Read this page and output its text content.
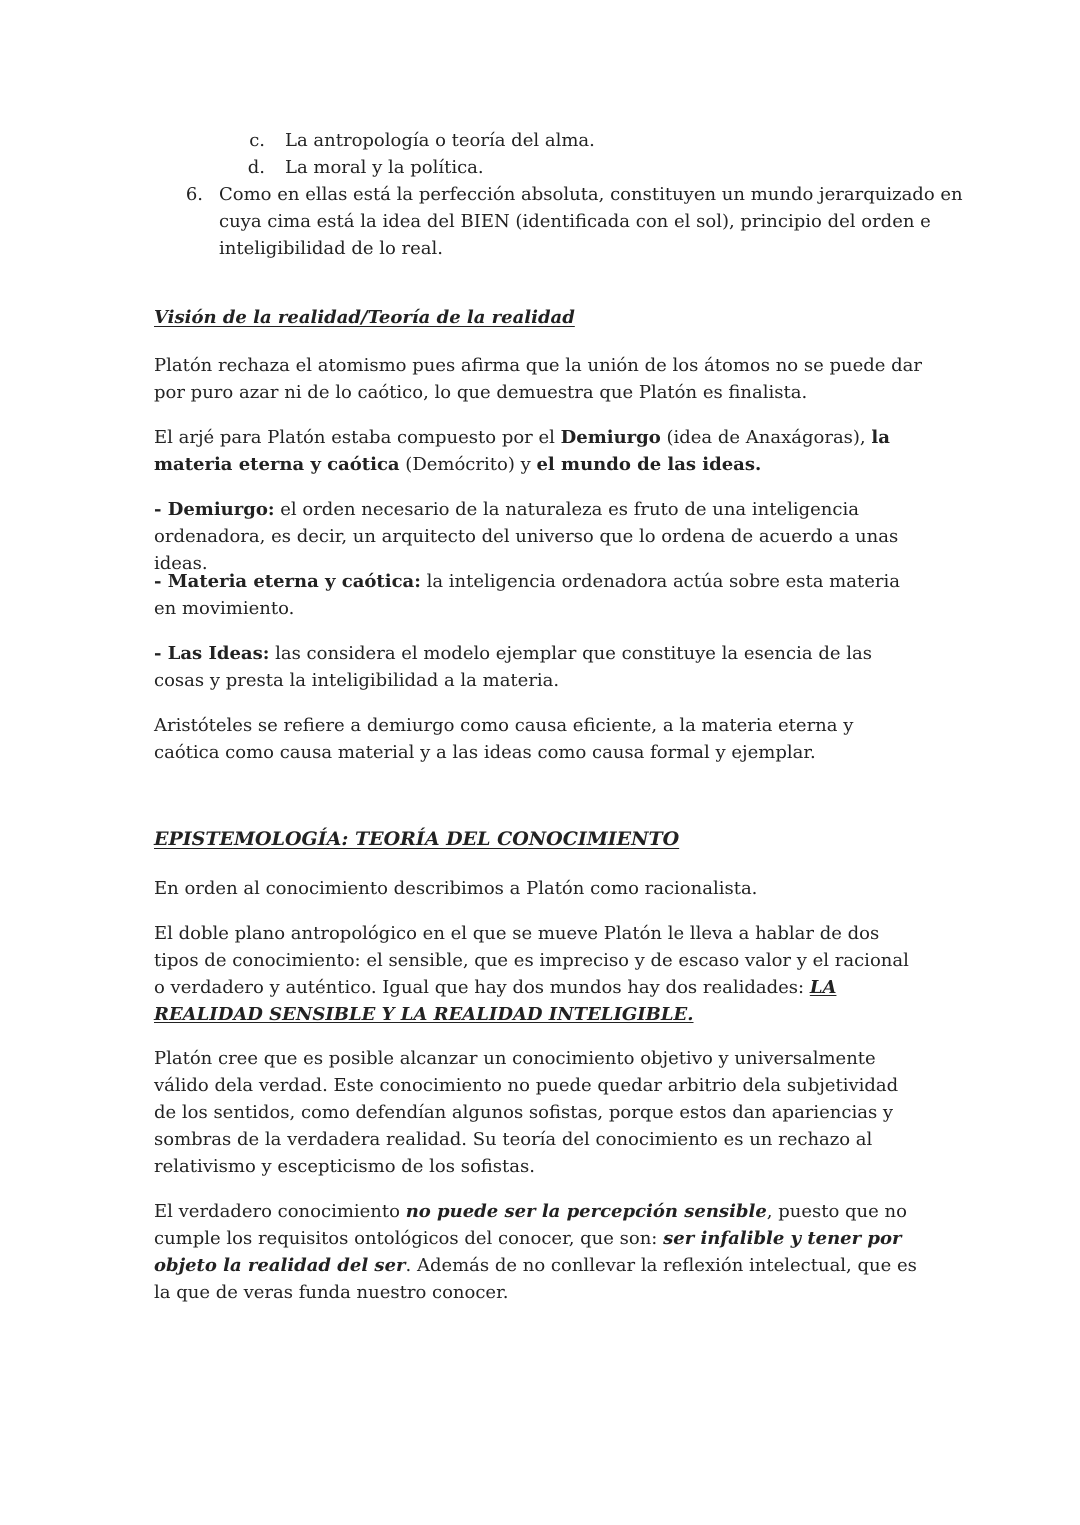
c. La antropología o teoría del alma.
d. La moral y la política.
6. Como en ellas está la perfección absoluta, constituyen un mundo jerarquizado en
cuya cima está la idea del BIEN (identificada con el sol), principio del orden e
inteligibilidad de lo real.
Visión de la realidad/Teoría de la realidad

Platón rechaza el atomismo pues afirma que la unión de los átomos no se puede dar por puro azar ni de lo caótico, lo que demuestra que Platón es finalista.

El arjé para Platón estaba compuesto por el Demiurgo (idea de Anaxágoras), la materia eterna y caótica (Demócrito) y el mundo de las ideas.

- Demiurgo: el orden necesario de la naturaleza es fruto de una inteligencia ordenadora, es decir, un arquitecto del universo que lo ordena de acuerdo a unas ideas.

- Materia eterna y caótica: la inteligencia ordenadora actúa sobre esta materia en movimiento.

- Las Ideas: las considera el modelo ejemplar que constituye la esencia de las cosas y presta la inteligibilidad a la materia.

Aristóteles se refiere a demiurgo como causa eficiente, a la materia eterna y caótica como causa material y a las ideas como causa formal y ejemplar.

EPISTEMOLOGÍA: TEORÍA DEL CONOCIMIENTO

En orden al conocimiento describimos a Platón como racionalista.

El doble plano antropológico en el que se mueve Platón le lleva a hablar de dos tipos de conocimiento: el sensible, que es impreciso y de escaso valor y el racional o verdadero y auténtico. Igual que hay dos mundos hay dos realidades: LA REALIDAD SENSIBLE Y LA REALIDAD INTELIGIBLE.

Platón cree que es posible alcanzar un conocimiento objetivo y universalmente válido dela verdad. Este conocimiento no puede quedar arbitrio dela subjetividad de los sentidos, como defendían algunos sofistas, porque estos dan apariencias y sombras de la verdadera realidad. Su teoría del conocimiento es un rechazo al relativismo y escepticismo de los sofistas.

El verdadero conocimiento no puede ser la percepción sensible, puesto que no cumple los requisitos ontológicos del conocer, que son: ser infalible y tener por objeto la realidad del ser. Además de no conllevar la reflexión intelectual, que es la que de veras funda nuestro conocer.
